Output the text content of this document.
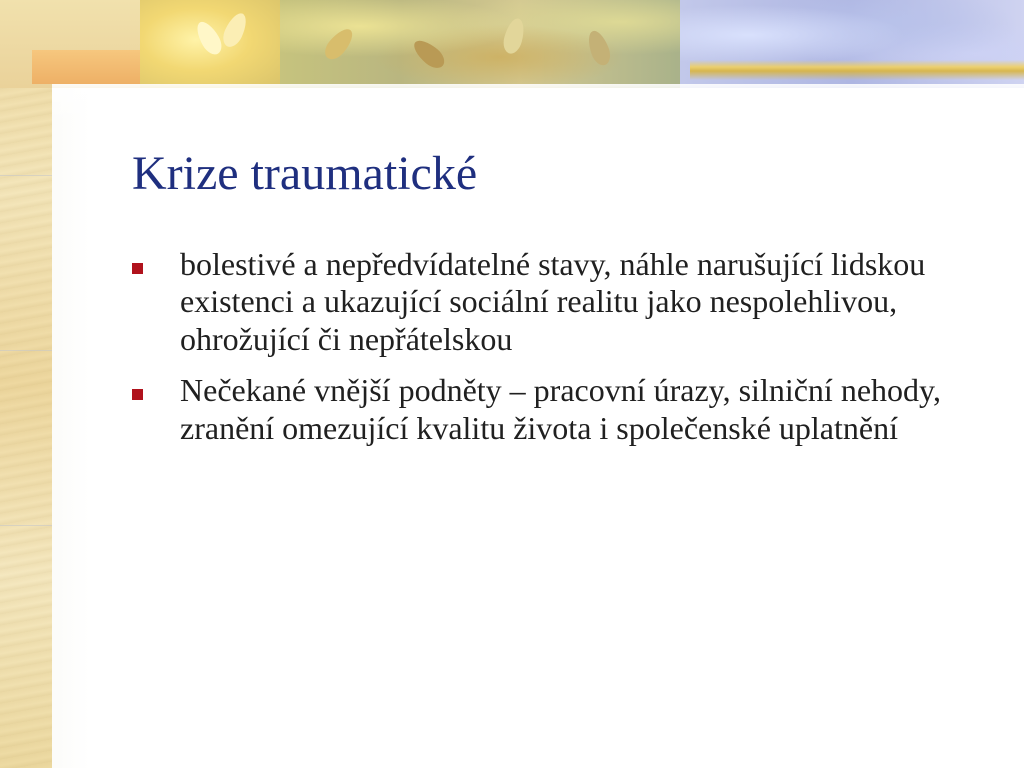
Krize traumatické
bolestivé a nepředvídatelné stavy, náhle narušující lidskou existenci a ukazující sociální realitu jako nespolehlivou, ohrožující či nepřátelskou
Nečekané vnější podněty – pracovní úrazy, silniční nehody, zranění omezující kvalitu života i společenské uplatnění
